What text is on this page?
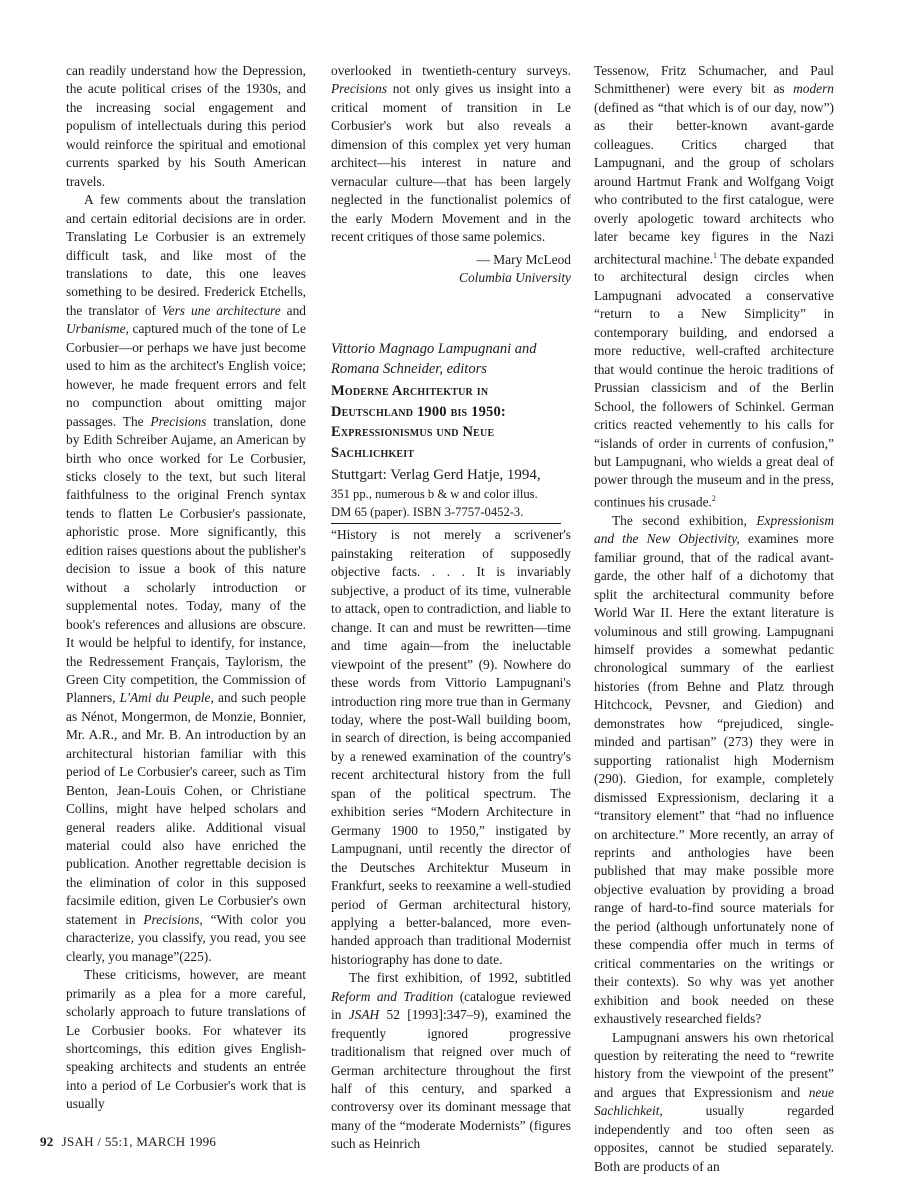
can readily understand how the Depression, the acute political crises of the 1930s, and the increasing social engagement and populism of intellectuals during this period would reinforce the spiritual and emotional currents sparked by his South American travels.

A few comments about the translation and certain editorial decisions are in order. Translating Le Corbusier is an extremely difficult task, and like most of the translations to date, this one leaves something to be desired. Frederick Etchells, the translator of Vers une architecture and Urbanisme, captured much of the tone of Le Corbusier—or perhaps we have just become used to him as the architect's English voice; however, he made frequent errors and felt no compunction about omitting major passages. The Precisions translation, done by Edith Schreiber Aujame, an American by birth who once worked for Le Corbusier, sticks closely to the text, but such literal faithfulness to the original French syntax tends to flatten Le Corbusier's passionate, aphoristic prose. More significantly, this edition raises questions about the publisher's decision to issue a book of this nature without a scholarly introduction or supplemental notes. Today, many of the book's references and allusions are obscure. It would be helpful to identify, for instance, the Redressement Français, Taylorism, the Green City competition, the Commission of Planners, L'Ami du Peuple, and such people as Nénot, Mongermon, de Monzie, Bonnier, Mr. A.R., and Mr. B. An introduction by an architectural historian familiar with this period of Le Corbusier's career, such as Tim Benton, Jean-Louis Cohen, or Christiane Collins, might have helped scholars and general readers alike. Additional visual material could also have enriched the publication. Another regrettable decision is the elimination of color in this supposed facsimile edition, given Le Corbusier's own statement in Precisions, “With color you characterize, you classify, you read, you see clearly, you manage”(225).

These criticisms, however, are meant primarily as a plea for a more careful, scholarly approach to future translations of Le Corbusier books. For whatever its shortcomings, this edition gives English-speaking architects and students an entrée into a period of Le Corbusier's work that is usually

overlooked in twentieth-century surveys. Precisions not only gives us insight into a critical moment of transition in Le Corbusier's work but also reveals a dimension of this complex yet very human architect—his interest in nature and vernacular culture—that has been largely neglected in the functionalist polemics of the early Modern Movement and in the recent critiques of those same polemics.

— Mary McLeod

Columbia University

Vittorio Magnago Lampugnani and Romana Schneider, editors
Moderne Architektur in
Deutschland 1900 bis 1950:
Expressionismus und Neue
Sachlichkeit
Stuttgart: Verlag Gerd Hatje, 1994,
351 pp., numerous b & w and color illus.
DM 65 (paper). ISBN 3-7757-0452-3.

“History is not merely a scrivener's painstaking reiteration of supposedly objective facts. . . . It is invariably subjective, a product of its time, vulnerable to attack, open to contradiction, and liable to change. It can and must be rewritten—time and time again—from the ineluctable viewpoint of the present” (9). Nowhere do these words from Vittorio Lampugnani's introduction ring more true than in Germany today, where the post-Wall building boom, in search of direction, is being accompanied by a renewed examination of the country's recent architectural history from the full span of the political spectrum. The exhibition series “Modern Architecture in Germany 1900 to 1950,” instigated by Lampugnani, until recently the director of the Deutsches Architektur Museum in Frankfurt, seeks to reexamine a well-studied period of German architectural history, applying a better-balanced, more even-handed approach than traditional Modernist historiography has done to date.

The first exhibition, of 1992, subtitled Reform and Tradition (catalogue reviewed in JSAH 52 [1993]:347–9), examined the frequently ignored progressive traditionalism that reigned over much of German architecture throughout the first half of this century, and sparked a controversy over its dominant message that many of the “moderate Modernists” (figures such as Heinrich

Tessenow, Fritz Schumacher, and Paul Schmitthener) were every bit as modern (defined as “that which is of our day, now”) as their better-known avant-garde colleagues. Critics charged that Lampugnani, and the group of scholars around Hartmut Frank and Wolfgang Voigt who contributed to the first catalogue, were overly apologetic toward architects who later became key figures in the Nazi architectural machine.$^1$ The debate expanded to architectural design circles when Lampugnani advocated a conservative “return to a New Simplicity” in contemporary building, and endorsed a more reductive, well-crafted architecture that would continue the heroic traditions of Prussian classicism and of the Berlin School, the followers of Schinkel. German critics reacted vehemently to his calls for “islands of order in currents of confusion,” but Lampugnani, who wields a great deal of power through the museum and in the press, continues his crusade.$^2$

The second exhibition, Expressionism and the New Objectivity, examines more familiar ground, that of the radical avant-garde, the other half of a dichotomy that split the architectural community before World War II. Here the extant literature is voluminous and still growing. Lampugnani himself provides a somewhat pedantic chronological summary of the earliest histories (from Behne and Platz through Hitchcock, Pevsner, and Giedion) and demonstrates how “prejudiced, single-minded and partisan” (273) they were in supporting rationalist high Modernism (290). Giedion, for example, completely dismissed Expressionism, declaring it a “transitory element” that “had no influence on architecture.” More recently, an array of reprints and anthologies have been published that may make possible more objective evaluation by providing a broad range of hard-to-find source materials for the period (although unfortunately none of these compendia offer much in terms of critical commentaries on the writings or their contexts). So why was yet another exhibition and book needed on these exhaustively researched fields?

Lampugnani answers his own rhetorical question by reiterating the need to “rewrite history from the viewpoint of the present” and argues that Expressionism and neue Sachlichkeit, usually regarded independently and too often seen as opposites, cannot be studied separately. Both are products of an

92 JSAH / 55:1, MARCH 1996
